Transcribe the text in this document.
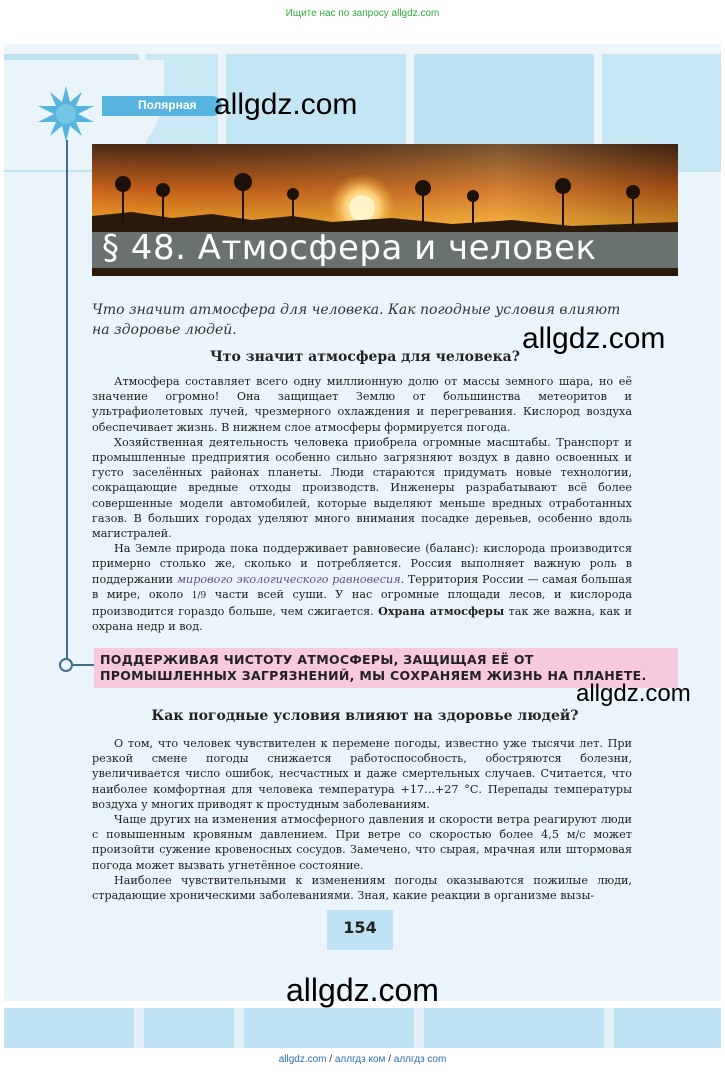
Ищите нас по запросу allgdz.com
Полярная
§ 48. Атмосфера и человек
allgdz.com
Что значит атмосфера для человека. Как погодные условия влияют на здоровье людей.	allgdz.com
Что значит атмосфера для человека?

Атмосфера составляет всего одну миллионную долю от массы земного шара, но её значение огромно! Она защищает Землю от большинства метеоритов и ультрафиолетовых лучей, чрезмерного охлаждения и перегревания. Кислород воздуха обеспечивает жизнь. В нижнем слое атмосферы формируется погода.

Хозяйственная деятельность человека приобрела огромные масштабы. Транспорт и промышленные предприятия особенно сильно загрязняют воздух в давно освоенных и густо заселённых районах планеты. Люди стараются придумать новые технологии, сокращающие вредные отходы производств. Инженеры разрабатывают всё более совершенные модели автомобилей, которые выделяют меньше вредных отработанных газов. В больших городах уделяют много внимания посадке деревьев, особенно вдоль магистралей.

На Земле природа пока поддерживает равновесие (баланс): кислорода производится примерно столько же, сколько и потребляется. Россия выполняет важную роль в поддержании мирового экологического равновесия. Территория России — самая большая в мире, около 1/9 части всей суши. У нас огромные площади лесов, и кислорода производится гораздо больше, чем сжигается. Охрана атмосферы так же важна, как и охрана недр и вод.

ПОДДЕРЖИВАЯ ЧИСТОТУ АТМОСФЕРЫ, ЗАЩИЩАЯ ЕЁ ОТ ПРОМЫШЛЕННЫХ ЗАГРЯЗНЕНИЙ, МЫ СОХРАНЯЕМ ЖИЗНЬ НА ПЛАНЕТЕ.
allgdz.com
Как погодные условия влияют на здоровье людей?

О том, что человек чувствителен к перемене погоды, известно уже тысячи лет. При резкой смене погоды снижается работоспособность, обостряются болезни, увеличивается число ошибок, несчастных и даже смертельных случаев. Считается, что наиболее комфортная для человека температура +17...+27 °С. Перепады температуры воздуха у многих приводят к простудным заболеваниям.

Чаще других на изменения атмосферного давления и скорости ветра реагируют люди с повышенным кровяным давлением. При ветре со скоростью более 4,5 м/с может произойти сужение кровеносных сосудов. Замечено, что сырая, мрачная или штормовая погода может вызвать угнетённое состояние.

Наиболее чувствительными к изменениям погоды оказываются пожилые люди, страдающие хроническими заболеваниями. Зная, какие реакции в организме вызы-

154
allgdz.com
allgdz.com / аллгдз ком / аллгдз com
